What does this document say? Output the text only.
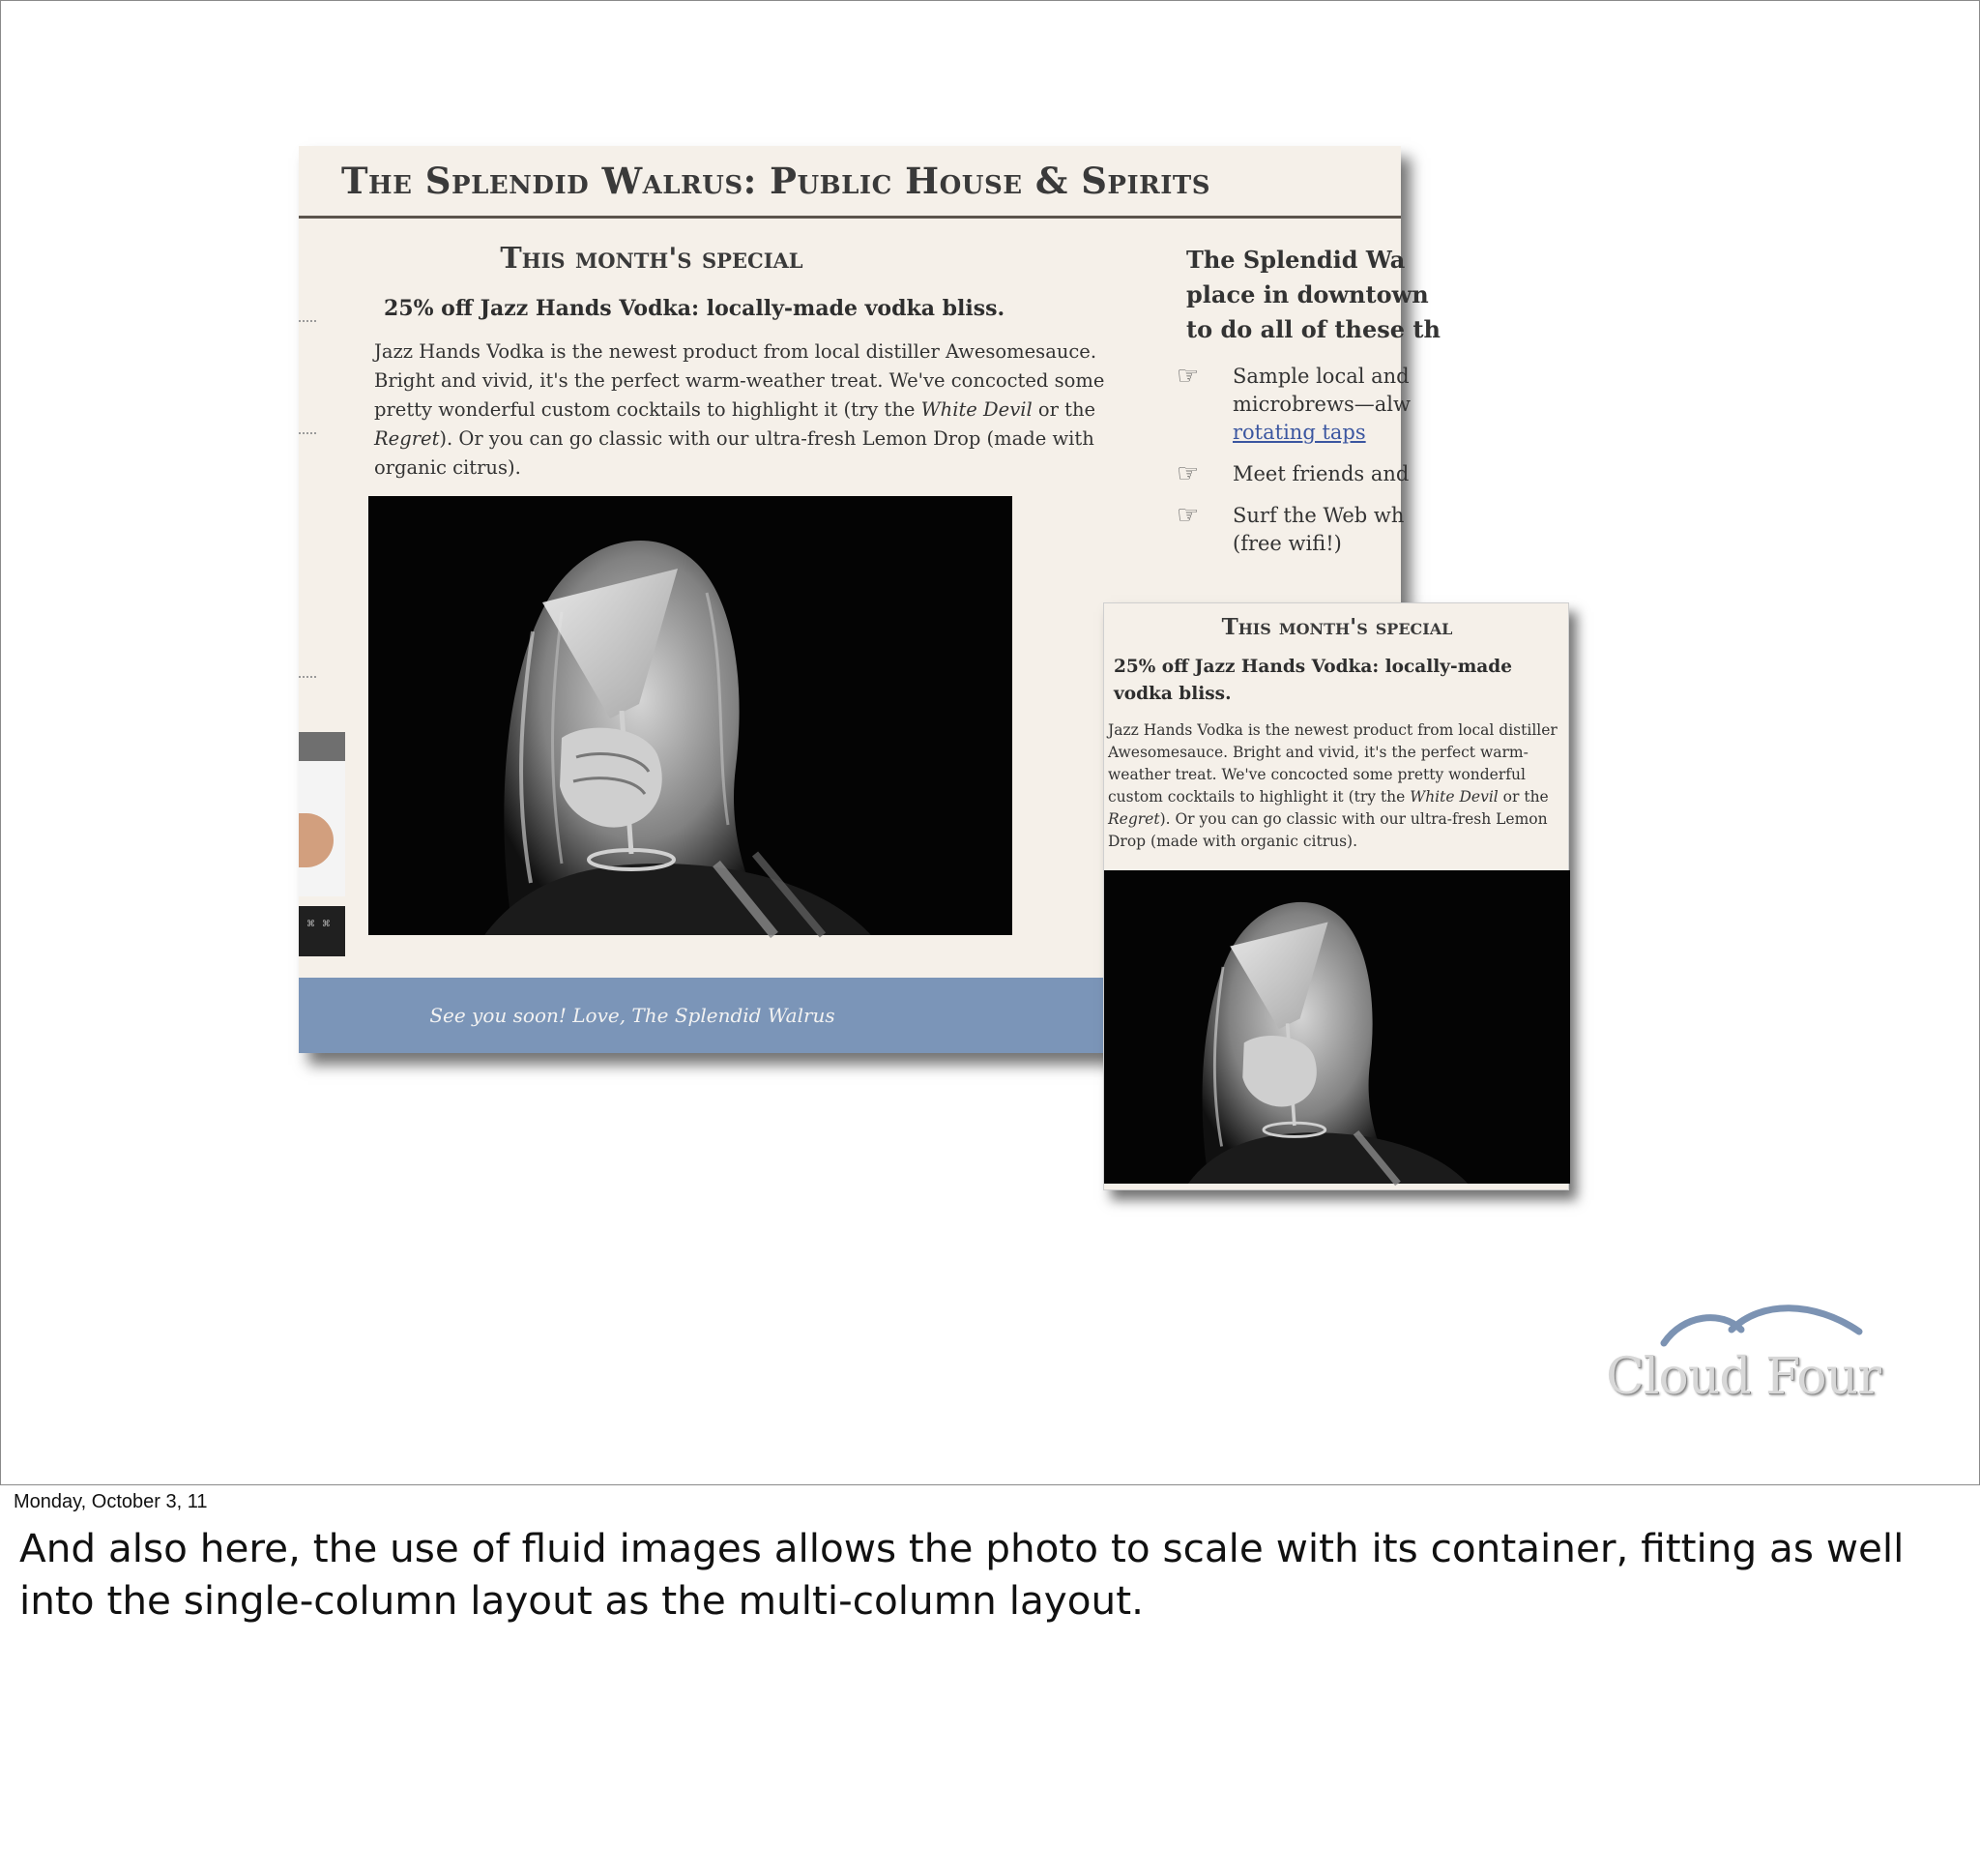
The Splendid Walrus: Public House & Spirits
This month's special
25% off Jazz Hands Vodka: locally-made vodka bliss.
Jazz Hands Vodka is the newest product from local distiller Awesomesauce. Bright and vivid, it's the perfect warm-weather treat. We've concocted some pretty wonderful custom cocktails to highlight it (try the White Devil or the Regret). Or you can go classic with our ultra-fresh Lemon Drop (made with organic citrus).
See you soon! Love, The Splendid Walrus
⌘ ⌘
The Splendid Wa
place in downtown
to do all of these th
☞ Sample local and
microbrews—alw
rotating taps
☞ Meet friends and
☞ Surf the Web wh
(free wifi!)
This month's special
25% off Jazz Hands Vodka: locally-made vodka bliss.
Jazz Hands Vodka is the newest product from local distiller Awesomesauce. Bright and vivid, it's the perfect warm-weather treat. We've concocted some pretty wonderful custom cocktails to highlight it (try the White Devil or the Regret). Or you can go classic with our ultra-fresh Lemon Drop (made with organic citrus).
Cloud Four
Monday, October 3, 11
And also here, the use of fluid images allows the photo to scale with its container, fitting as well into the single-column layout as the multi-column layout.
